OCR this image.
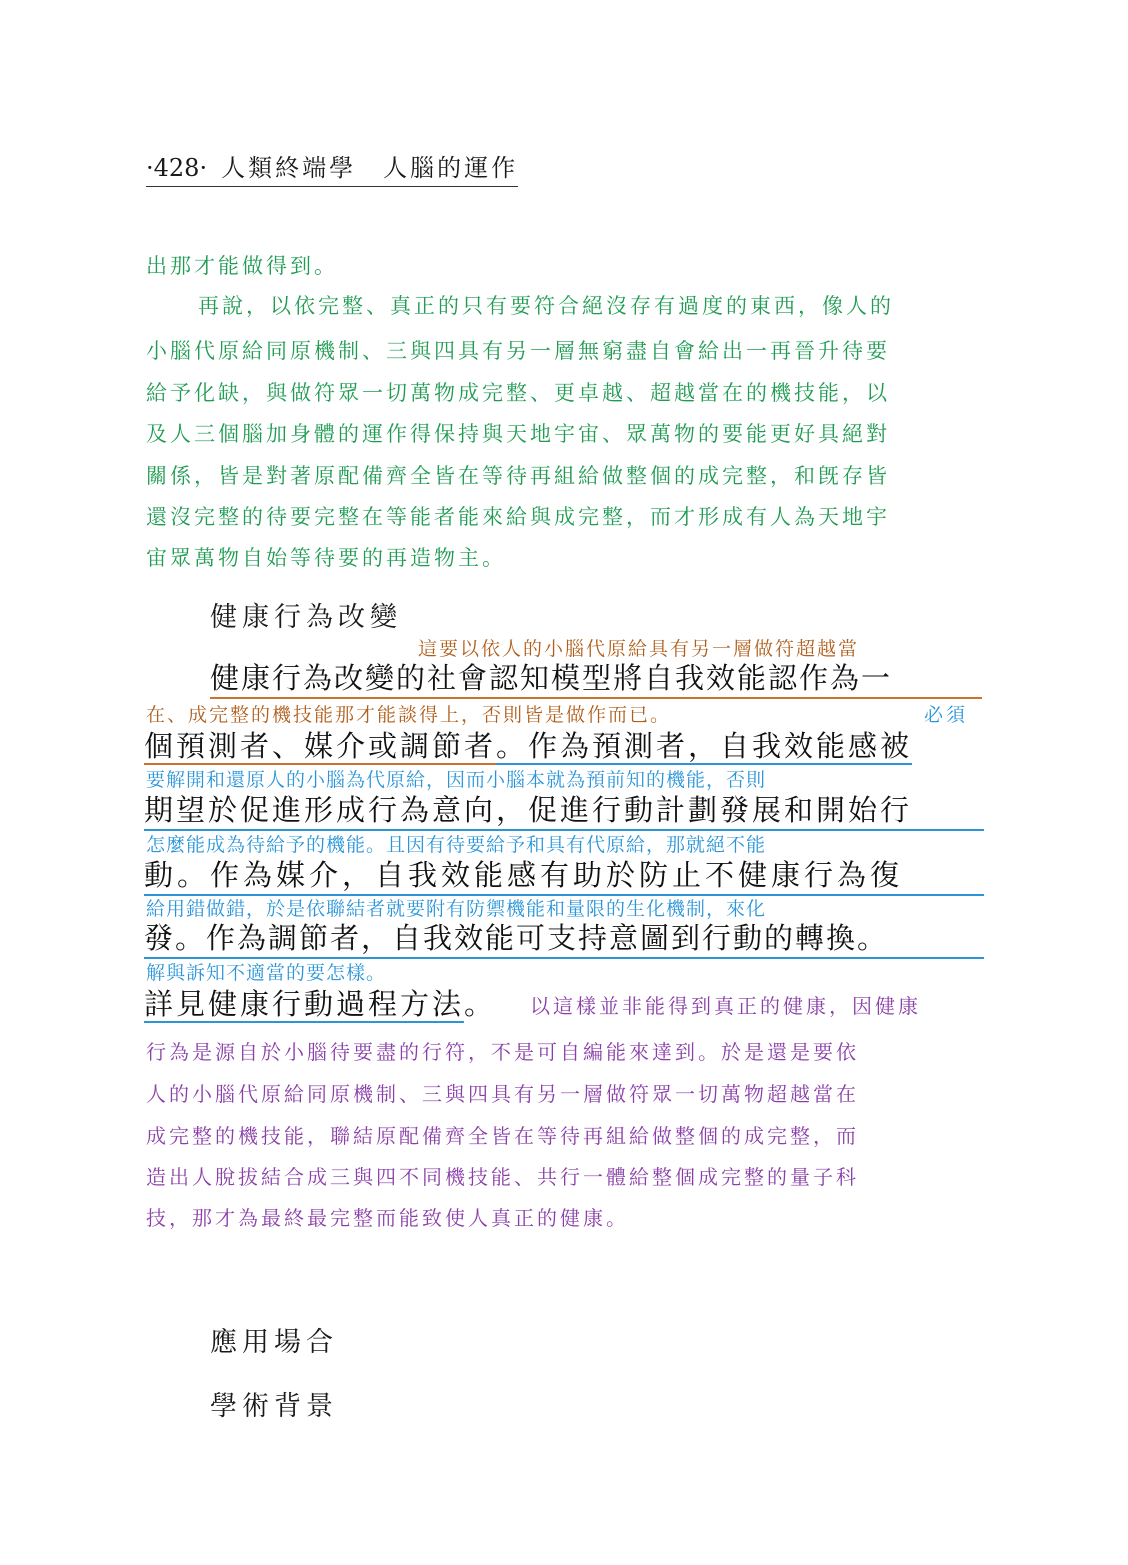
·428· 人類終端學　人腦的運作
出那才能做得到。
再說，以依完整、真正的只有要符合絕沒存有過度的東西，像人的
小腦代原給同原機制、三與四具有另一層無窮盡自會給出一再晉升待要
給予化缺，與做符眾一切萬物成完整、更卓越、超越當在的機技能，以
及人三個腦加身體的運作得保持與天地宇宙、眾萬物的要能更好具絕對
關係，皆是對著原配備齊全皆在等待再組給做整個的成完整，和旣存皆
還沒完整的待要完整在等能者能來給與成完整，而才形成有人為天地宇
宙眾萬物自始等待要的再造物主。
健康行為改變
這要以依人的小腦代原給具有另一層做符超越當
健康行為改變的社會認知模型將自我效能認作為一
在、成完整的機技能那才能談得上，否則皆是做作而已。	必須
個預測者、媒介或調節者。作為預測者，自我效能感被
要解開和還原人的小腦為代原給，因而小腦本就為預前知的機能，否則
期望於促進形成行為意向，促進行動計劃發展和開始行
怎麼能成為待給予的機能。且因有待要給予和具有代原給，那就絕不能
動。作為媒介，自我效能感有助於防止不健康行為復
給用錯做錯，於是依聯結者就要附有防禦機能和量限的生化機制，來化
發。作為調節者，自我效能可支持意圖到行動的轉換。
解與訴知不適當的要怎樣。
詳見健康行動過程方法。 以這樣並非能得到真正的健康，因健康
行為是源自於小腦待要盡的行符，不是可自編能來達到。於是還是要依
人的小腦代原給同原機制、三與四具有另一層做符眾一切萬物超越當在
成完整的機技能，聯結原配備齊全皆在等待再組給做整個的成完整，而
造出人脫拔結合成三與四不同機技能、共行一體給整個成完整的量子科
技，那才為最終最完整而能致使人真正的健康。
應用場合
學術背景
